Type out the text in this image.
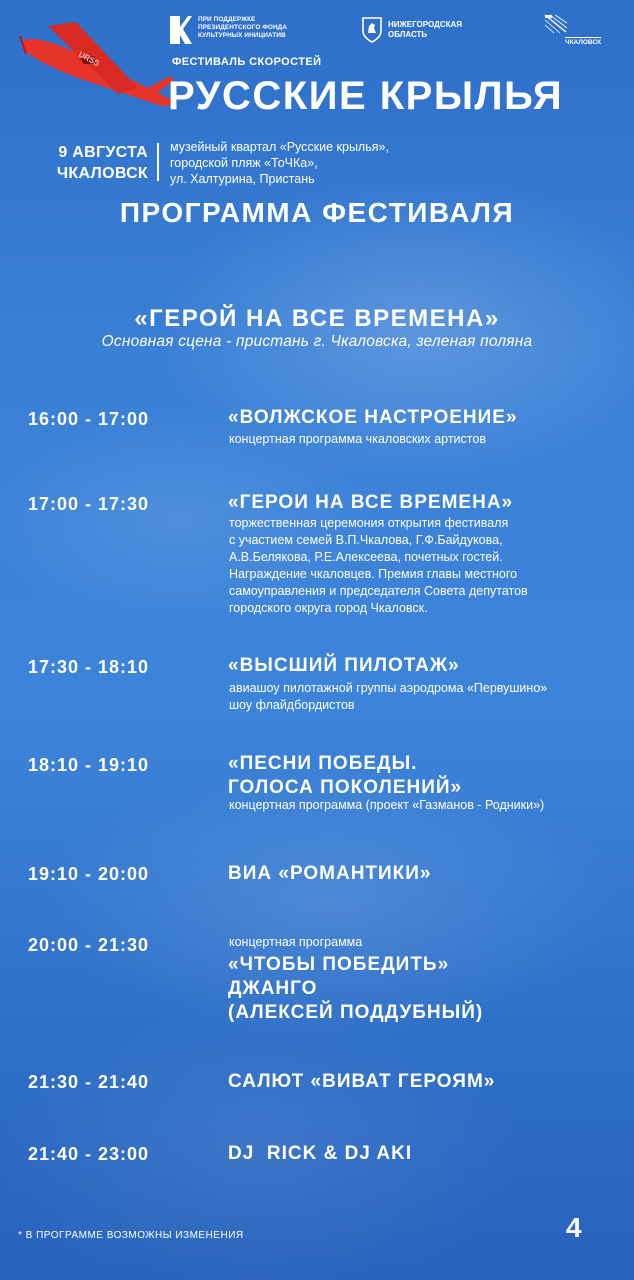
URSS
ПРИ ПОДДЕРЖКЕ
ПРЕЗИДЕНТСКОГО ФОНДА
КУЛЬТУРНЫХ ИНИЦИАТИВ
НИЖЕГОРОДСКАЯ
ОБЛАСТЬ
ЧКАЛОВСК
ФЕСТИВАЛЬ СКОРОСТЕЙ
РУССКИЕ КРЫЛЬЯ
9 АВГУСТА
ЧКАЛОВСК
музейный квартал «Русские крылья»,
городской пляж «ТоЧКа»,
ул. Халтурина, Пристань
ПРОГРАММА ФЕСТИВАЛЯ
«ГЕРОЙ НА ВСЕ ВРЕМЕНА»
Основная сцена - пристань г. Чкаловска, зеленая поляна
16:00 - 17:00	«ВОЛЖСКОЕ НАСТРОЕНИЕ»
концертная программа чкаловских артистов
17:00 - 17:30	«ГЕРОИ НА ВСЕ ВРЕМЕНА»
торжественная церемония открытия фестиваля
с участием семей В.П.Чкалова, Г.Ф.Байдукова,
А.В.Белякова, Р.Е.Алексеева, почетных гостей.
Награждение чкаловцев. Премия главы местного
самоуправления и председателя Совета депутатов
городского округа город Чкаловск.
17:30 - 18:10	«ВЫСШИЙ ПИЛОТАЖ»
авиашоу пилотажной группы аэродрома «Первушино»
шоу флайдбордистов
18:10 - 19:10	«ПЕСНИ ПОБЕДЫ.
ГОЛОСА ПОКОЛЕНИЙ»
концертная программа (проект «Газманов - Родники»)
19:10 - 20:00	ВИА «РОМАНТИКИ»
20:00 - 21:30	концертная программа
«ЧТОБЫ ПОБЕДИТЬ»
ДЖАНГО
(АЛЕКСЕЙ ПОДДУБНЫЙ)
21:30 - 21:40	САЛЮТ «ВИВАТ ГЕРОЯМ»
21:40 - 23:00	DJ  RICK & DJ AKI
* В ПРОГРАММЕ ВОЗМОЖНЫ ИЗМЕНЕНИЯ	4
